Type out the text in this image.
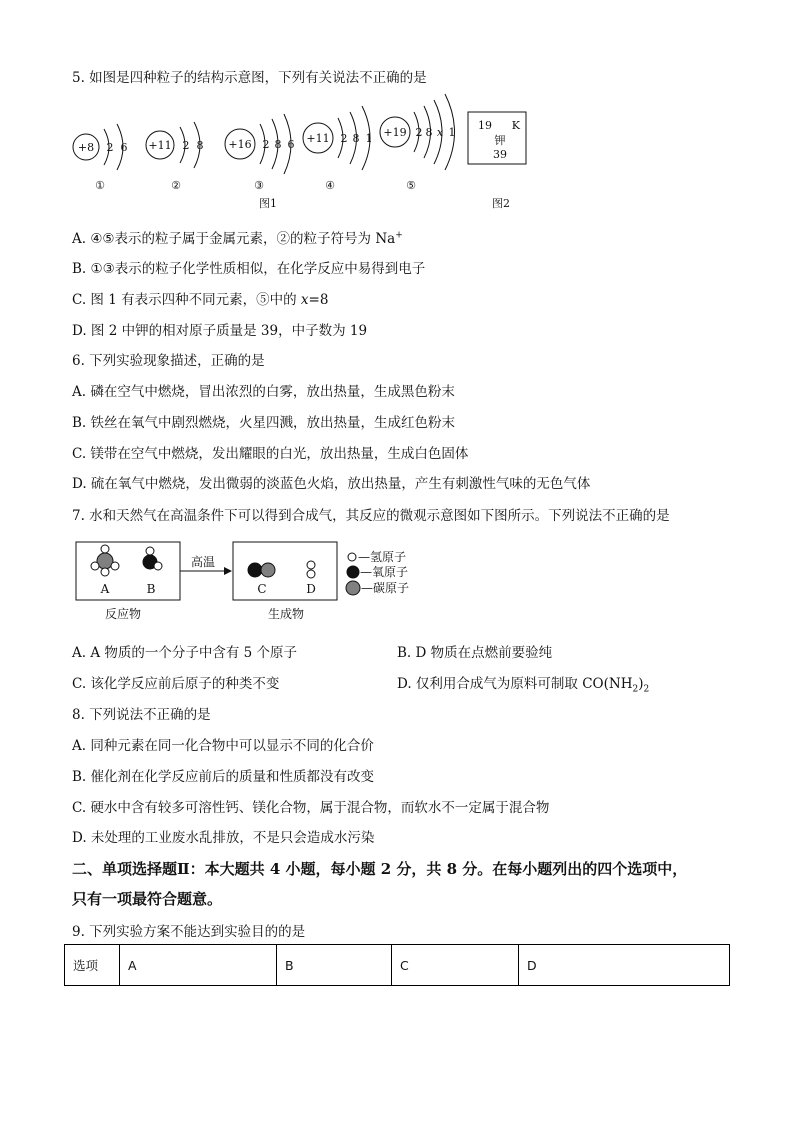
5. 如图是四种粒子的结构示意图，下列有关说法不正确的是
+8 2 6
①
+11 2 8
②
+16 2 8 6
③
+11 2 8 1
④
+19 2 8 x 1
⑤
图1
19 K
钾
39
图2
A. ④⑤表示的粒子属于金属元素，②的粒子符号为 Na+
B. ①③表示的粒子化学性质相似，在化学反应中易得到电子
C. 图 1 有表示四种不同元素，⑤中的 x=8
D. 图 2 中钾的相对原子质量是 39，中子数为 19
6. 下列实验现象描述，正确的是
A. 磷在空气中燃烧，冒出浓烈的白雾，放出热量，生成黑色粉末
B. 铁丝在氧气中剧烈燃烧，火星四溅，放出热量，生成红色粉末
C. 镁带在空气中燃烧，发出耀眼的白光，放出热量，生成白色固体
D. 硫在氧气中燃烧，发出微弱的淡蓝色火焰，放出热量，产生有刺激性气味的无色气体
7. 水和天然气在高温条件下可以得到合成气，其反应的微观示意图如下图所示。下列说法不正确的是
A	B
高温
C	D
反应物	生成物
—氢原子
—氧原子
—碳原子
A. A 物质的一个分子中含有 5 个原子	B. D 物质在点燃前要验纯
C. 该化学反应前后原子的种类不变	D. 仅利用合成气为原料可制取 $CO(NH_2)_2$
8. 下列说法不正确的是
A. 同种元素在同一化合物中可以显示不同的化合价
B. 催化剂在化学反应前后的质量和性质都没有改变
C. 硬水中含有较多可溶性钙、镁化合物，属于混合物，而软水不一定属于混合物
D. 未处理的工业废水乱排放，不是只会造成水污染
二、单项选择题Ⅱ：本大题共 4 小题，每小题 2 分，共 8 分。在每小题列出的四个选项中，
只有一项最符合题意。
9. 下列实验方案不能达到实验目的的是
选项	A	B	C	D
